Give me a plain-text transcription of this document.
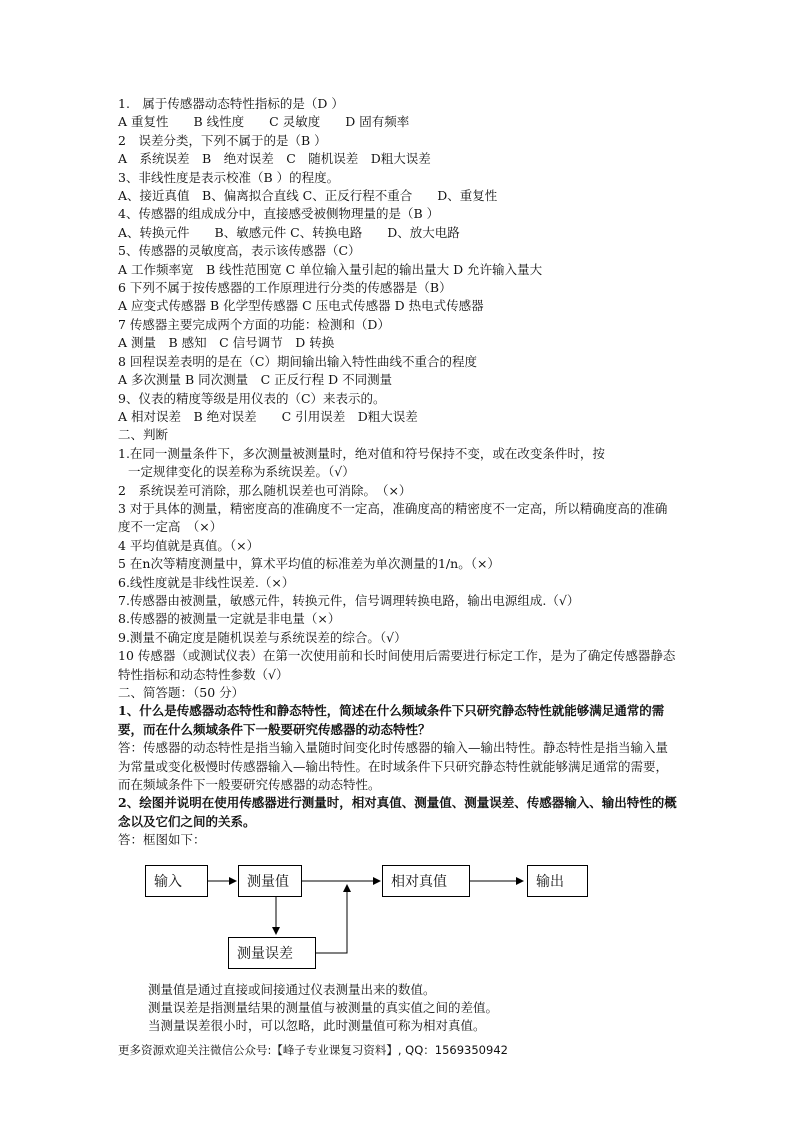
1.　属于传感器动态特性指标的是（D ）

A 重复性　　B 线性度　　C 灵敏度　　D 固有频率

2　误差分类，下列不属于的是（B ）

A　系统误差　B　绝对误差　C　随机误差　D粗大误差

3、非线性度是表示校准（B ）的程度。

A、接近真值　B、偏离拟合直线 C、正反行程不重合　　D、重复性

4、传感器的组成成分中，直接感受被侧物理量的是（B ）

A、转换元件　　B、敏感元件 C、转换电路　　D、放大电路

5、传感器的灵敏度高，表示该传感器（C）

A 工作频率宽　B 线性范围宽 C 单位输入量引起的输出量大 D 允许输入量大

6 下列不属于按传感器的工作原理进行分类的传感器是（B）

A 应变式传感器 B 化学型传感器 C 压电式传感器 D 热电式传感器

7 传感器主要完成两个方面的功能：检测和（D）

A 测量　B 感知　C 信号调节　D 转换

8 回程误差表明的是在（C）期间输出输入特性曲线不重合的程度

A 多次测量 B 同次测量　C 正反行程 D 不同测量

9、仪表的精度等级是用仪表的（C）来表示的。

A 相对误差　B 绝对误差　　C 引用误差　D粗大误差

二、判断

1.在同一测量条件下，多次测量被测量时，绝对值和符号保持不变，或在改变条件时，按

一定规律变化的误差称为系统误差。（√）

2　系统误差可消除，那么随机误差也可消除。　（×）

3 对于具体的测量，精密度高的准确度不一定高，准确度高的精密度不一定高，所以精确度高的准确度不一定高　（×）

4 平均值就是真值。（×）

5 在n次等精度测量中，算术平均值的标准差为单次测量的1/n。（×）

6.线性度就是非线性误差.（×）

7.传感器由被测量，敏感元件，转换元件，信号调理转换电路，输出电源组成.（√）

8.传感器的被测量一定就是非电量（×）

9.测量不确定度是随机误差与系统误差的综合。（√）

10 传感器（或测试仪表）在第一次使用前和长时间使用后需要进行标定工作，是为了确定传感器静态特性指标和动态特性参数（√）

二、简答题：（50 分）

1、什么是传感器动态特性和静态特性，简述在什么频域条件下只研究静态特性就能够满足通常的需要，而在什么频域条件下一般要研究传感器的动态特性？

答：传感器的动态特性是指当输入量随时间变化时传感器的输入—输出特性。静态特性是指当输入量为常量或变化极慢时传感器输入—输出特性。在时域条件下只研究静态特性就能够满足通常的需要，而在频域条件下一般要研究传感器的动态特性。

2、绘图并说明在使用传感器进行测量时，相对真值、测量值、测量误差、传感器输入、输出特性的概念以及它们之间的关系。

答：框图如下：

输入	测量值	相对真值	输出
测量误差

测量值是通过直接或间接通过仪表测量出来的数值。

测量误差是指测量结果的测量值与被测量的真实值之间的差值。

当测量误差很小时，可以忽略，此时测量值可称为相对真值。

更多资源欢迎关注微信公众号:【峰子专业课复习资料】, QQ：1569350942
